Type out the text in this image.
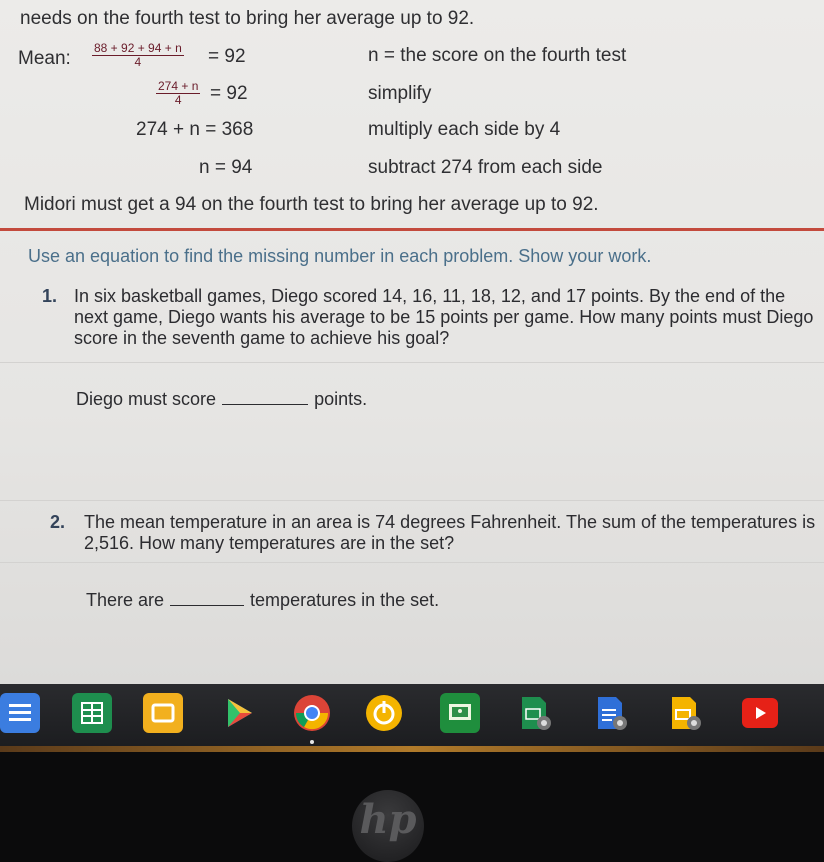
needs on the fourth test to bring her average up to 92.
Mean: $\frac{88 + 92 + 94 + n}{4} = 92$	n = the score on the fourth test
$\frac{274 + n}{4} = 92$	simplify
274 + n = 368	multiply each side by 4
n = 94	subtract 274 from each side
Midori must get a 94 on the fourth test to bring her average up to 92.
Use an equation to find the missing number in each problem. Show your work.
1. In six basketball games, Diego scored 14, 16, 11, 18, 12, and 17 points. By the end of the
next game, Diego wants his average to be 15 points per game. How many points must Diego
score in the seventh game to achieve his goal?
Diego must score	points.
2. The mean temperature in an area is 74 degrees Fahrenheit. The sum of the temperatures is
2,516. How many temperatures are in the set?
There are	temperatures in the set.
hp
